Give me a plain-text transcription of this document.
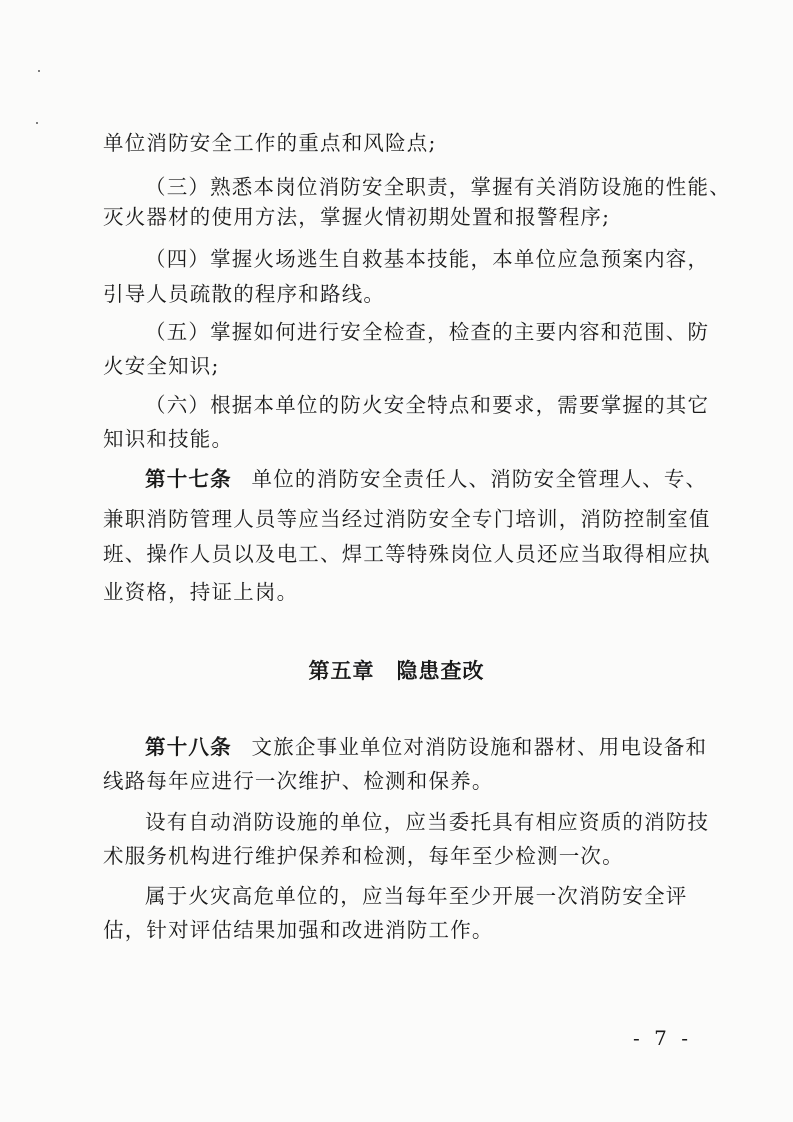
单位消防安全工作的重点和风险点;
（三）熟悉本岗位消防安全职责，掌握有关消防设施的性能、
灭火器材的使用方法，掌握火情初期处置和报警程序;
（四）掌握火场逃生自救基本技能，本单位应急预案内容，
引导人员疏散的程序和路线。
（五）掌握如何进行安全检查，检查的主要内容和范围、防
火安全知识;
（六）根据本单位的防火安全特点和要求，需要掌握的其它
知识和技能。
第十七条 单位的消防安全责任人、消防安全管理人、专、
兼职消防管理人员等应当经过消防安全专门培训，消防控制室值
班、操作人员以及电工、焊工等特殊岗位人员还应当取得相应执
业资格，持证上岗。
第五章 隐患查改
第十八条 文旅企事业单位对消防设施和器材、用电设备和
线路每年应进行一次维护、检测和保养。
设有自动消防设施的单位，应当委托具有相应资质的消防技
术服务机构进行维护保养和检测，每年至少检测一次。
属于火灾高危单位的，应当每年至少开展一次消防安全评
估，针对评估结果加强和改进消防工作。
- 7 -
